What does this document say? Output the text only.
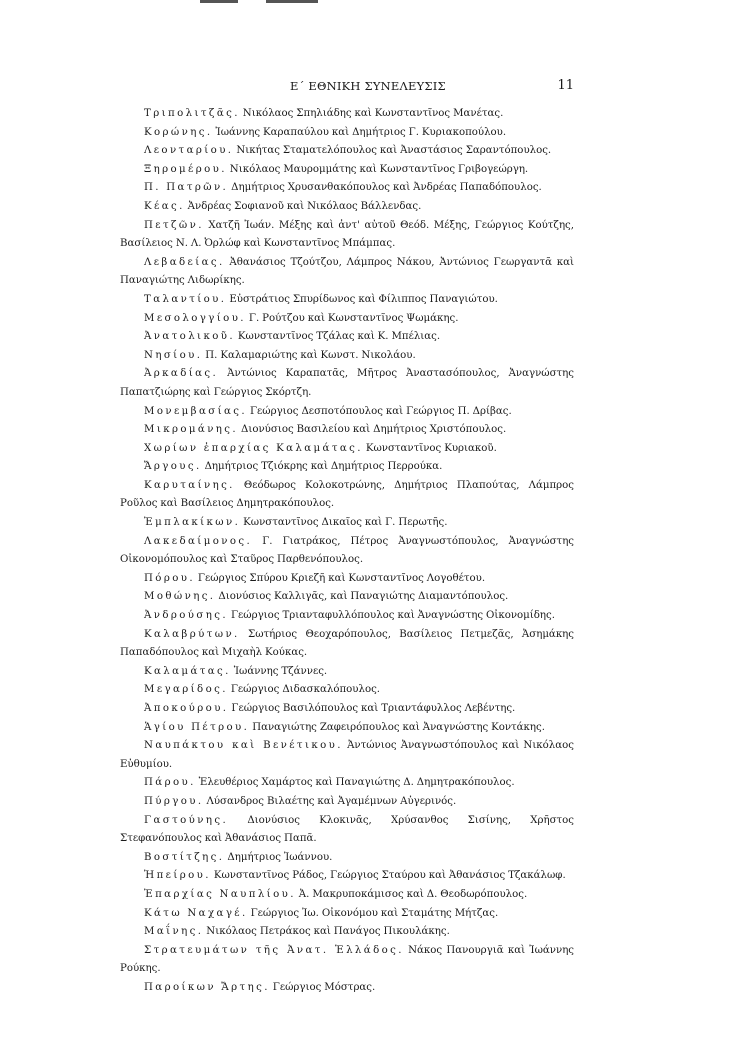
Ε΄ ΕΘΝΙΚΗ ΣΥΝΕΛΕΥΣΙΣ	11

Τριπολιτζᾶς. Νικόλαος Σπηλιάδης καὶ Κωνσταντῖνος Μανέτας.

Κορώνης. Ἰωάννης Καραπαύλου καὶ Δημήτριος Γ. Κυριακοπούλου.

Λεονταρίου. Νικήτας Σταματελόπουλος καὶ Ἀναστάσιος Σαραντόπουλος.

Ξηρομέρου. Νικόλαος Μαυρομμάτης καὶ Κωνσταντῖνος Γριβογεώργη.

Π. Πατρῶν. Δημήτριος Χρυσανθακόπουλος καὶ Ἀνδρέας Παπαδόπουλος.

Κέας. Ἀνδρέας Σοφιανοῦ καὶ Νικόλαος Βάλλενδας.

Πετζῶν. Χατζῆ Ἰωάν. Μέξης καὶ ἀντ' αὐτοῦ Θεόδ. Μέξης, Γεώργιος Κούτζης, Βασίλειος Ν. Λ. Ὀρλώφ καὶ Κωνσταντῖνος Μπάμπας.

Λεβαδείας. Ἀθανάσιος Τζούτζου, Λάμπρος Νάκου, Ἀντώνιος Γεωργαντᾶ καὶ Παναγιώτης Λιδωρίκης.

Ταλαντίου. Εὐστράτιος Σπυρίδωνος καὶ Φίλιππος Παναγιώτου.

Μεσολογγίου. Γ. Ρούτζου καὶ Κωνσταντῖνος Ψωμάκης.

Ἀνατολικοῦ. Κωνσταντῖνος Τζάλας καὶ Κ. Μπέλιας.

Νησίου. Π. Καλαμαριώτης καὶ Κωνστ. Νικολάου.

Ἀρκαδίας. Ἀντώνιος Καραπατᾶς, Μῆτρος Ἀναστασόπουλος, Ἀναγνώστης Παπατζιώρης καὶ Γεώργιος Σκόρτζη.

Μονεμβασίας. Γεώργιος Δεσποτόπουλος καὶ Γεώργιος Π. Δρίβας.

Μικρομάνης. Διονύσιος Βασιλείου καὶ Δημήτριος Χριστόπουλος.

Χωρίων ἐπαρχίας Καλαμάτας. Κωνσταντῖνος Κυριακοῦ.

Ἄργους. Δημήτριος Τζιόκρης καὶ Δημήτριος Περρούκα.

Καρυταίνης. Θεόδωρος Κολοκοτρώνης, Δημήτριος Πλαπούτας, Λάμπρος Ροῦλος καὶ Βασίλειος Δημητρακόπουλος.

Ἐμπλακίκων. Κωνσταντῖνος Δικαῖος καὶ Γ. Περωτῆς.

Λακεδαίμονος. Γ. Γιατράκος, Πέτρος Ἀναγνωστόπουλος, Ἀναγνώστης Οἰκονομόπουλος καὶ Σταῦρος Παρθενόπουλος.

Πόρου. Γεώργιος Σπύρου Κριεζῆ καὶ Κωνσταντῖνος Λογοθέτου.

Μοθώνης. Διονύσιος Καλλιγᾶς, καὶ Παναγιώτης Διαμαντόπουλος.

Ἀνδρούσης. Γεώργιος Τριανταφυλλόπουλος καὶ Ἀναγνώστης Οἰκονομίδης.

Καλαβρύτων. Σωτήριος Θεοχαρόπουλος, Βασίλειος Πετμεζᾶς, Ἀσημάκης Παπαδόπουλος καὶ Μιχαὴλ Κούκας.

Καλαμάτας. Ἰωάννης Τζάννες.

Μεγαρίδος. Γεώργιος Διδασκαλόπουλος.

Ἀποκούρου. Γεώργιος Βασιλόπουλος καὶ Τριαντάφυλλος Λεβέντης.

Ἁγίου Πέτρου. Παναγιώτης Ζαφειρόπουλος καὶ Ἀναγνώστης Κοντάκης.

Ναυπάκτου καὶ Βενέτικου. Ἀντώνιος Ἀναγνωστόπουλος καὶ Νικόλαος Εὐθυμίου.

Πάρου. Ἐλευθέριος Χαμάρτος καὶ Παναγιώτης Δ. Δημητρακόπουλος.

Πύργου. Λύσανδρος Βιλαέτης καὶ Ἀγαμέμνων Αὐγερινός.

Γαστούνης. Διονύσιος Κλοκινᾶς, Χρύσανθος Σισίνης, Χρῆστος Στεφανόπουλος καὶ Ἀθανάσιος Παπᾶ.

Βοστίτζης. Δημήτριος Ἰωάννου.

Ἠπείρου. Κωνσταντῖνος Ράδος, Γεώργιος Σταύρου καὶ Ἀθανάσιος Τζακάλωφ.

Ἐπαρχίας Ναυπλίου. Ἀ. Μακρυποκάμισος καὶ Δ. Θεοδωρόπουλος.

Κάτω Ναχαγέ. Γεώργιος Ἰω. Οἰκονόμου καὶ Σταμάτης Μήτζας.

Μαΐνης. Νικόλαος Πετράκος καὶ Πανάγος Πικουλάκης.

Στρατευμάτων τῆς Ἀνατ. Ἑλλάδος. Νάκος Πανουργιᾶ καὶ Ἰωάννης Ρούκης.

Παροίκων Ἄρτης. Γεώργιος Μόστρας.
